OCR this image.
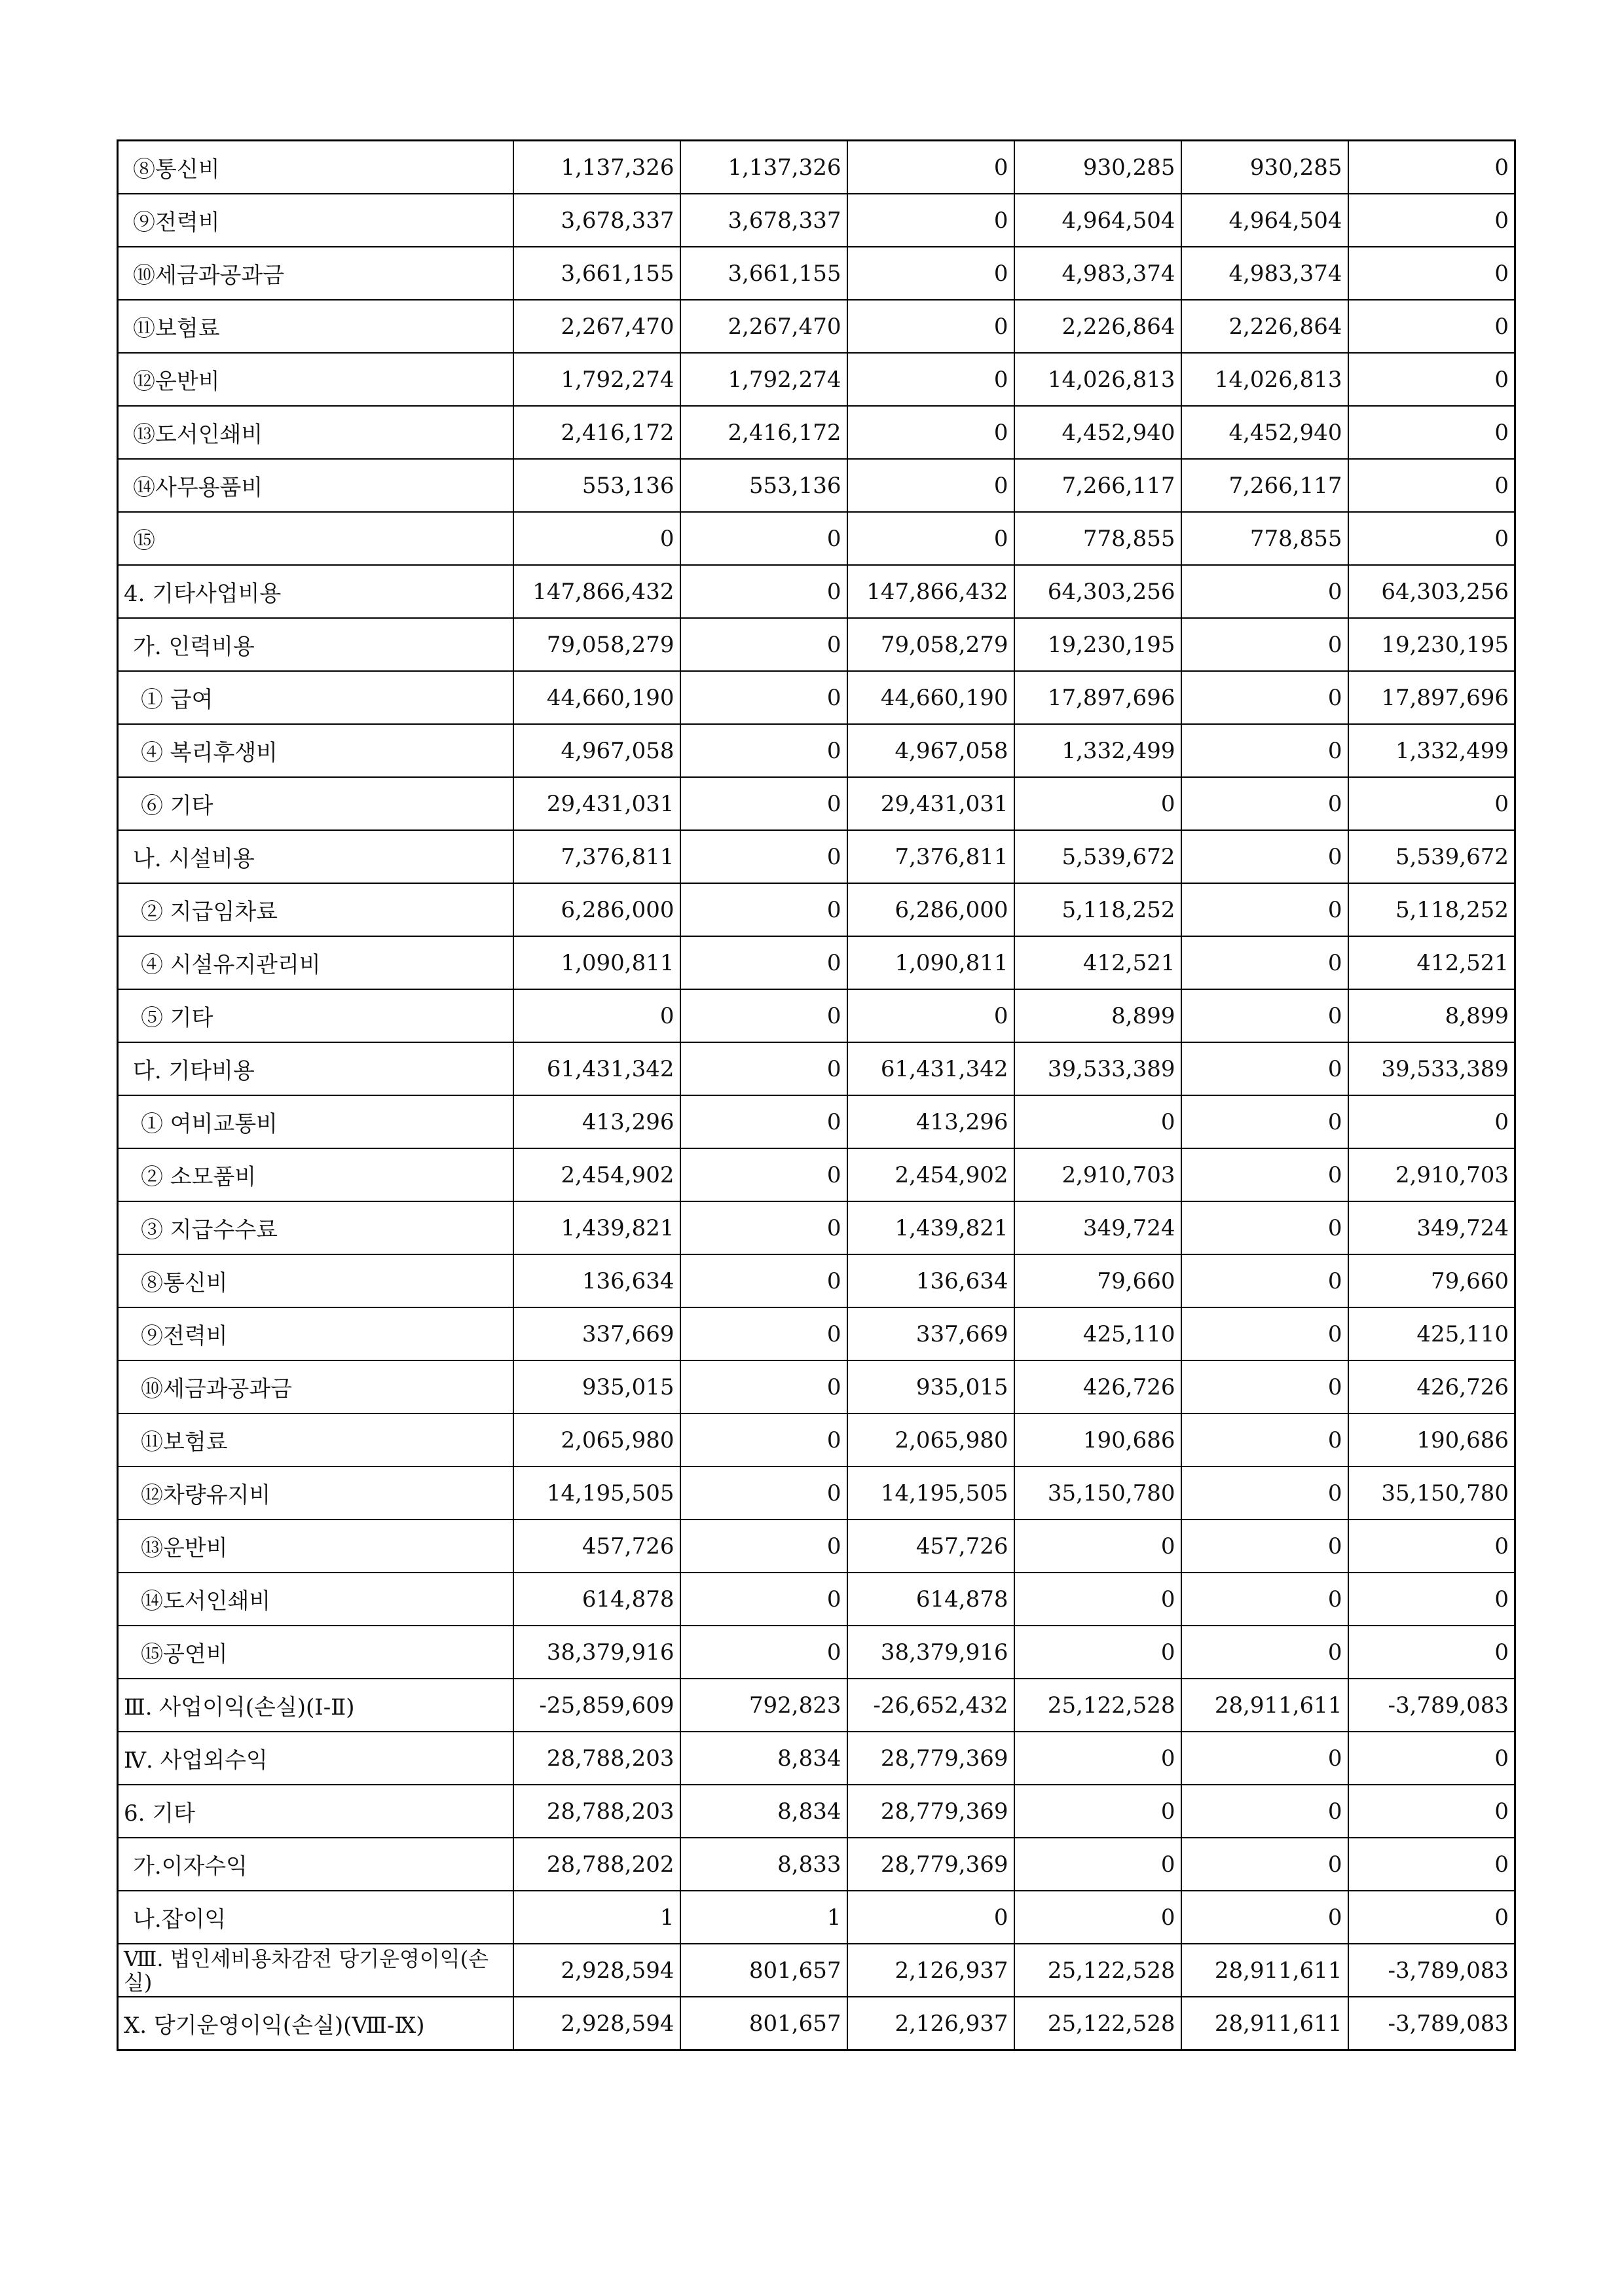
⑧통신비	1,137,326	1,137,326	0	930,285	930,285	0
⑨전력비	3,678,337	3,678,337	0	4,964,504	4,964,504	0
⑩세금과공과금	3,661,155	3,661,155	0	4,983,374	4,983,374	0
⑪보험료	2,267,470	2,267,470	0	2,226,864	2,226,864	0
⑫운반비	1,792,274	1,792,274	0	14,026,813	14,026,813	0
⑬도서인쇄비	2,416,172	2,416,172	0	4,452,940	4,452,940	0
⑭사무용품비	553,136	553,136	0	7,266,117	7,266,117	0
⑮	0	0	0	778,855	778,855	0
4. 기타사업비용	147,866,432	0	147,866,432	64,303,256	0	64,303,256
가. 인력비용	79,058,279	0	79,058,279	19,230,195	0	19,230,195
① 급여	44,660,190	0	44,660,190	17,897,696	0	17,897,696
④ 복리후생비	4,967,058	0	4,967,058	1,332,499	0	1,332,499
⑥ 기타	29,431,031	0	29,431,031	0	0	0
나. 시설비용	7,376,811	0	7,376,811	5,539,672	0	5,539,672
② 지급임차료	6,286,000	0	6,286,000	5,118,252	0	5,118,252
④ 시설유지관리비	1,090,811	0	1,090,811	412,521	0	412,521
⑤ 기타	0	0	0	8,899	0	8,899
다. 기타비용	61,431,342	0	61,431,342	39,533,389	0	39,533,389
① 여비교통비	413,296	0	413,296	0	0	0
② 소모품비	2,454,902	0	2,454,902	2,910,703	0	2,910,703
③ 지급수수료	1,439,821	0	1,439,821	349,724	0	349,724
⑧통신비	136,634	0	136,634	79,660	0	79,660
⑨전력비	337,669	0	337,669	425,110	0	425,110
⑩세금과공과금	935,015	0	935,015	426,726	0	426,726
⑪보험료	2,065,980	0	2,065,980	190,686	0	190,686
⑫차량유지비	14,195,505	0	14,195,505	35,150,780	0	35,150,780
⑬운반비	457,726	0	457,726	0	0	0
⑭도서인쇄비	614,878	0	614,878	0	0	0
⑮공연비	38,379,916	0	38,379,916	0	0	0
Ⅲ. 사업이익(손실)(Ⅰ-Ⅱ)	-25,859,609	792,823	-26,652,432	25,122,528	28,911,611	-3,789,083
Ⅳ. 사업외수익	28,788,203	8,834	28,779,369	0	0	0
6. 기타	28,788,203	8,834	28,779,369	0	0	0
가.이자수익	28,788,202	8,833	28,779,369	0	0	0
나.잡이익	1	1	0	0	0	0
Ⅷ. 법인세비용차감전 당기운영이익(손실)	2,928,594	801,657	2,126,937	25,122,528	28,911,611	-3,789,083
Ⅹ. 당기운영이익(손실)(Ⅷ-Ⅸ)	2,928,594	801,657	2,126,937	25,122,528	28,911,611	-3,789,083
